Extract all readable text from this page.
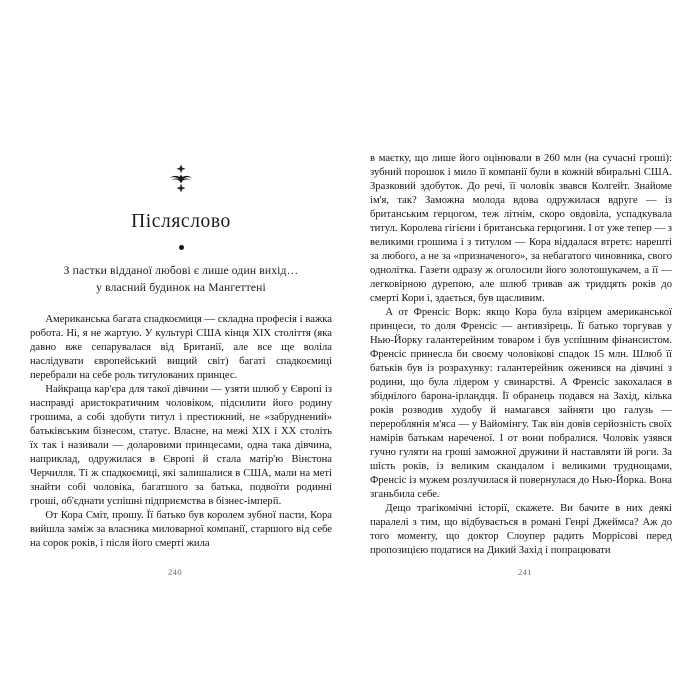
Післяслово
З пастки відданої любові є лише один вихід…
у власний будинок на Мангеттені

Американська багата спадкоємиця — складна професія і важка робота. Ні, я не жартую. У культурі США кінця XIX століття (яка давно вже сепарувалася від Британії, але все ще воліла наслідувати європейський вищий світ) багаті спадкоємиці перебрали на себе роль титулованих принцес.

Найкраща кар'єра для такої дівчини — узяти шлюб у Європі із насправді аристократичним чоловіком, підсилити його родину грошима, а собі здобути титул і престижний, не «забруднений» батьківським бізнесом, статус. Власне, на межі XIX і XX століть їх так і називали — доларовими принцесами, одна така дівчина, наприклад, одружилася в Європі й стала матір'ю Вінстона Черчилля. Ті ж спадкоємиці, які залишалися в США, мали на меті знайти собі чоловіка, багатшого за батька, подвоїти родинні гроші, об'єднати успішні підприємства в бізнес-імперії.

От Кора Сміт, прошу. Її батько був королем зубної пасти, Кора вийшла заміж за власника миловарної компанії, старшого від себе на сорок років, і після його смерті жила

240

в маєтку, що лише його оцінювали в 260 млн (на сучасні гроші): зубний порошок і мило її компанії були в кожній вбиральні США. Зразковий здобуток. До речі, її чоловік звався Колгейт. Знайоме ім'я, так? Заможна молода вдова одружилася вдруге — із британським герцогом, теж літнім, скоро овдовіла, успадкувала титул. Королева гігієни і британська герцогиня. І от уже тепер — з великими грошима і з титулом — Кора віддалася втретє: нарешті за любого, а не за «призначеного», за небагатого чиновника, свого однолітка. Газети одразу ж оголосили його золотошукачем, а її — легковірною дурепою, але шлюб тривав аж тридцять років до смерті Кори і, здається, був щасливим.

А от Френсіс Ворк: якщо Кора була взірцем американської принцеси, то доля Френсіс — антивзірець. Її батько торгував у Нью-Йорку галантерейним товаром і був успішним фінансистом. Френсіс принесла би своєму чоловікові спадок 15 млн. Шлюб її батьків був із розрахунку: галантерейник оженився на дівчині з родини, що була лідером у свинарстві. А Френсіс закохалася в збіднілого барона-ірландця. Її обранець подався на Захід, кілька років розводив худобу й намагався зайняти цю галузь — перероблянія м'яса — у Вайомінгу. Так він довів серйозність своїх намірів батькам нареченої. І от вони побралися. Чоловік узявся гучно гуляти на гроші заможної дружини й наставляти їй роги. За шість років, із великим скандалом і великими труднощами, Френсіс із мужем розлучилася й повернулася до Нью-Йорка. Вона зганьбила себе.

Дещо трагікомічні історії, скажете. Ви бачите в них деякі паралелі з тим, що відбувається в романі Генрі Джеймса? Аж до того моменту, що доктор Слоупер радить Моррісові перед пропозицією податися на Дикий Захід і попрацювати

241
